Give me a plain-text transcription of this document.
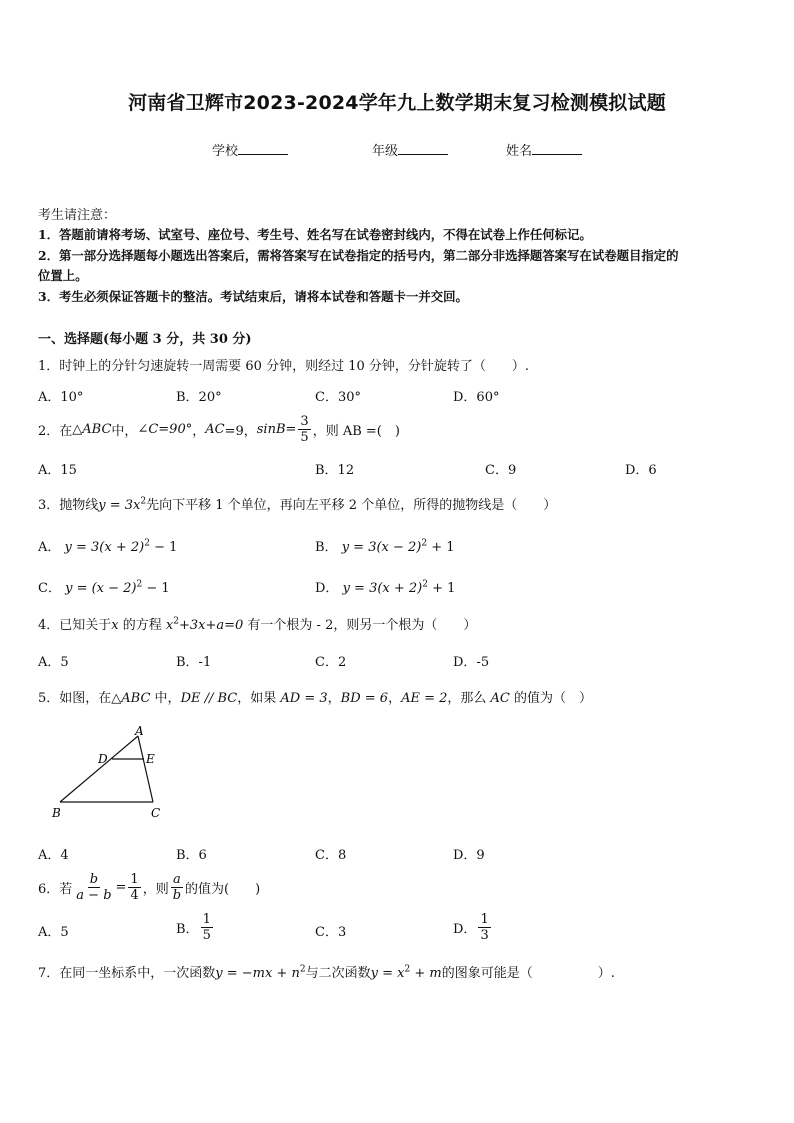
河南省卫辉市2023-2024学年九上数学期末复习检测模拟试题
学校	年级	姓名
考生请注意：
1．答题前请将考场、试室号、座位号、考生号、姓名写在试卷密封线内，不得在试卷上作任何标记。
2．第一部分选择题每小题选出答案后，需将答案写在试卷指定的括号内，第二部分非选择题答案写在试卷题目指定的
位置上。
3．考生必须保证答题卡的整洁。考试结束后，请将本试卷和答题卡一并交回。
一、选择题(每小题 3 分，共 30 分)
1．时钟上的分针匀速旋转一周需要 60 分钟，则经过 10 分钟，分针旋转了（　　）.
A．10°	B．20°	C．30°	D．60°
2．在 △ABC 中， ∠C=90° ， AC =9， $\sin B = \frac{3}{5}$ ，则 AB =(　)
A．15	B．12	C．9	D．6
3．抛物线$y = 3x^2$先向下平移 1 个单位，再向左平移 2 个单位，所得的抛物线是（　　）
A． $y = 3(x + 2)^2 - 1$	B． $y = 3(x - 2)^2 + 1$
C． $y = (x - 2)^2 - 1$	D． $y = 3(x + 2)^2 + 1$
4．已知关于x 的方程 $x^2+3x+a=0$ 有一个根为 - 2，则另一个根为（　　）
A．5	B．-1	C．2	D．-5
5．如图，在△ABC 中，DE // BC，如果 AD = 3，BD = 6，AE = 2，那么 AC 的值为（　）
A
D	E
B	C
A．4	B．6	C．8	D．9
6．若 $\frac{b}{a - b} = \frac{1}{4}$ ，则 $\frac{a}{b}$ 的值为(　　)
A．5	B． $\frac{1}{5}$	C．3	D． $\frac{1}{3}$
7．在同一坐标系中，一次函数$y = -mx + n^2$与二次函数$y = x^2 + m$的图象可能是（　　　　　）.
